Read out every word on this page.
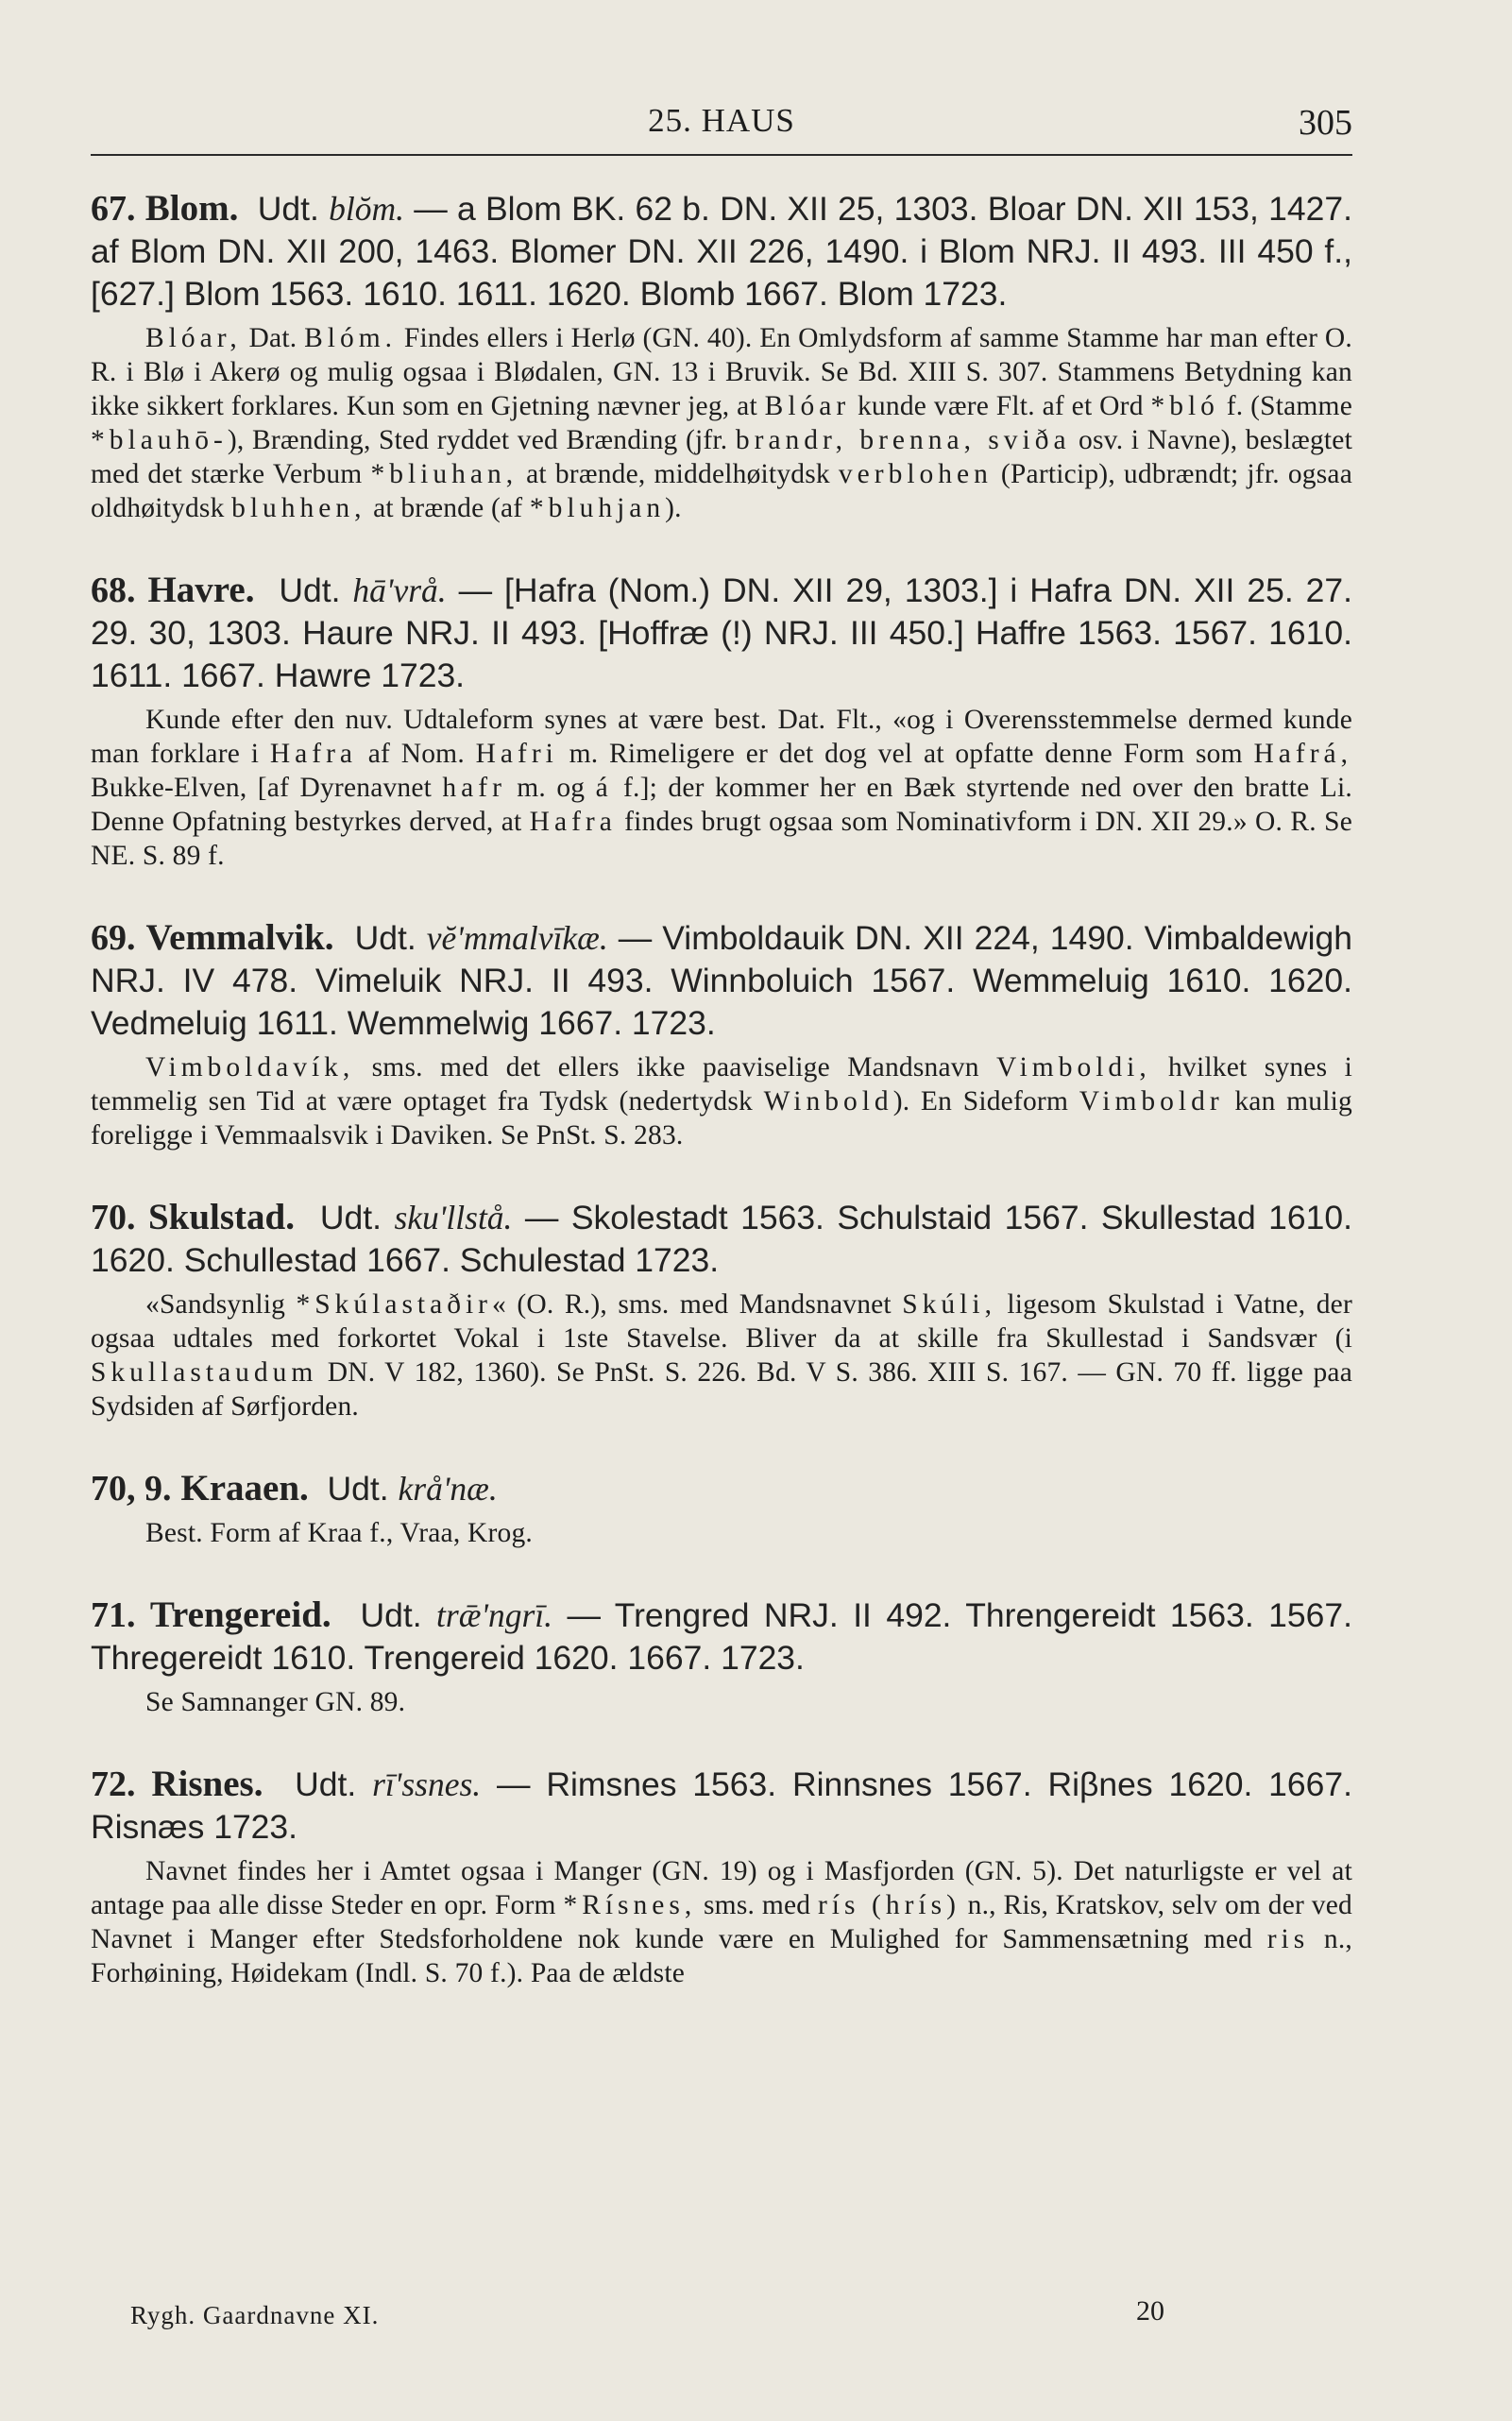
25. HAUS	305

67. Blom. Udt. blŏm. — a Blom BK. 62 b. DN. XII 25, 1303. Bloar DN. XII 153, 1427. af Blom DN. XII 200, 1463. Blomer DN. XII 226, 1490. i Blom NRJ. II 493. III 450 f., [627.] Blom 1563. 1610. 1611. 1620. Blomb 1667. Blom 1723.

Blóar, Dat. Blóm. Findes ellers i Herlø (GN. 40). En Omlydsform af samme Stamme har man efter O. R. i Blø i Akerø og mulig ogsaa i Blødalen, GN. 13 i Bruvik. Se Bd. XIII S. 307. Stammens Betydning kan ikke sikkert forklares. Kun som en Gjetning nævner jeg, at Blóar kunde være Flt. af et Ord *bló f. (Stamme *blauhō-), Brænding, Sted ryddet ved Brænding (jfr. brandr, brenna, sviða osv. i Navne), beslægtet med det stærke Verbum *bliuhan, at brænde, middelhøitydsk verblohen (Particip), udbrændt; jfr. ogsaa oldhøitydsk bluhhen, at brænde (af *bluhjan).

68. Havre. Udt. hā'vrå. — [Hafra (Nom.) DN. XII 29, 1303.] i Hafra DN. XII 25. 27. 29. 30, 1303. Haure NRJ. II 493. [Hoffræ (!) NRJ. III 450.] Haffre 1563. 1567. 1610. 1611. 1667. Hawre 1723.

Kunde efter den nuv. Udtaleform synes at være best. Dat. Flt., «og i Overensstemmelse dermed kunde man forklare i Hafra af Nom. Hafri m. Rimeligere er det dog vel at opfatte denne Form som Hafrá, Bukke-Elven, [af Dyrenavnet hafr m. og á f.]; der kommer her en Bæk styrtende ned over den bratte Li. Denne Opfatning bestyrkes derved, at Hafra findes brugt ogsaa som Nominativform i DN. XII 29.» O. R. Se NE. S. 89 f.

69. Vemmalvik. Udt. vĕ'mmalvīkæ. — Vimboldauik DN. XII 224, 1490. Vimbaldewigh NRJ. IV 478. Vimeluik NRJ. II 493. Winnboluich 1567. Wemmeluig 1610. 1620. Vedmeluig 1611. Wemmelwig 1667. 1723.

Vimboldavík, sms. med det ellers ikke paaviselige Mandsnavn Vimboldi, hvilket synes i temmelig sen Tid at være optaget fra Tydsk (nedertydsk Winbold). En Sideform Vimboldr kan mulig foreligge i Vemmaalsvik i Daviken. Se PnSt. S. 283.

70. Skulstad. Udt. sku'llstå. — Skolestadt 1563. Schulstaid 1567. Skullestad 1610. 1620. Schullestad 1667. Schulestad 1723.

«Sandsynlig *Skúlastaðir« (O. R.), sms. med Mandsnavnet Skúli, ligesom Skulstad i Vatne, der ogsaa udtales med forkortet Vokal i 1ste Stavelse. Bliver da at skille fra Skullestad i Sandsvær (i Skullastaudum DN. V 182, 1360). Se PnSt. S. 226. Bd. V S. 386. XIII S. 167. — GN. 70 ff. ligge paa Sydsiden af Sørfjorden.

70, 9. Kraaen. Udt. krå'næ.

Best. Form af Kraa f., Vraa, Krog.

71. Trengereid. Udt. trǣ'ngrī. — Trengred NRJ. II 492. Threngereidt 1563. 1567. Thregereidt 1610. Trengereid 1620. 1667. 1723.

Se Samnanger GN. 89.

72. Risnes. Udt. rī'ssnes. — Rimsnes 1563. Rinnsnes 1567. Riβnes 1620. 1667. Risnæs 1723.

Navnet findes her i Amtet ogsaa i Manger (GN. 19) og i Masfjorden (GN. 5). Det naturligste er vel at antage paa alle disse Steder en opr. Form *Rísnes, sms. med rís (hrís) n., Ris, Kratskov, selv om der ved Navnet i Manger efter Stedsforholdene nok kunde være en Mulighed for Sammensætning med ris n., Forhøining, Høidekam (Indl. S. 70 f.). Paa de ældste

Rygh. Gaardnavne XI.	20
